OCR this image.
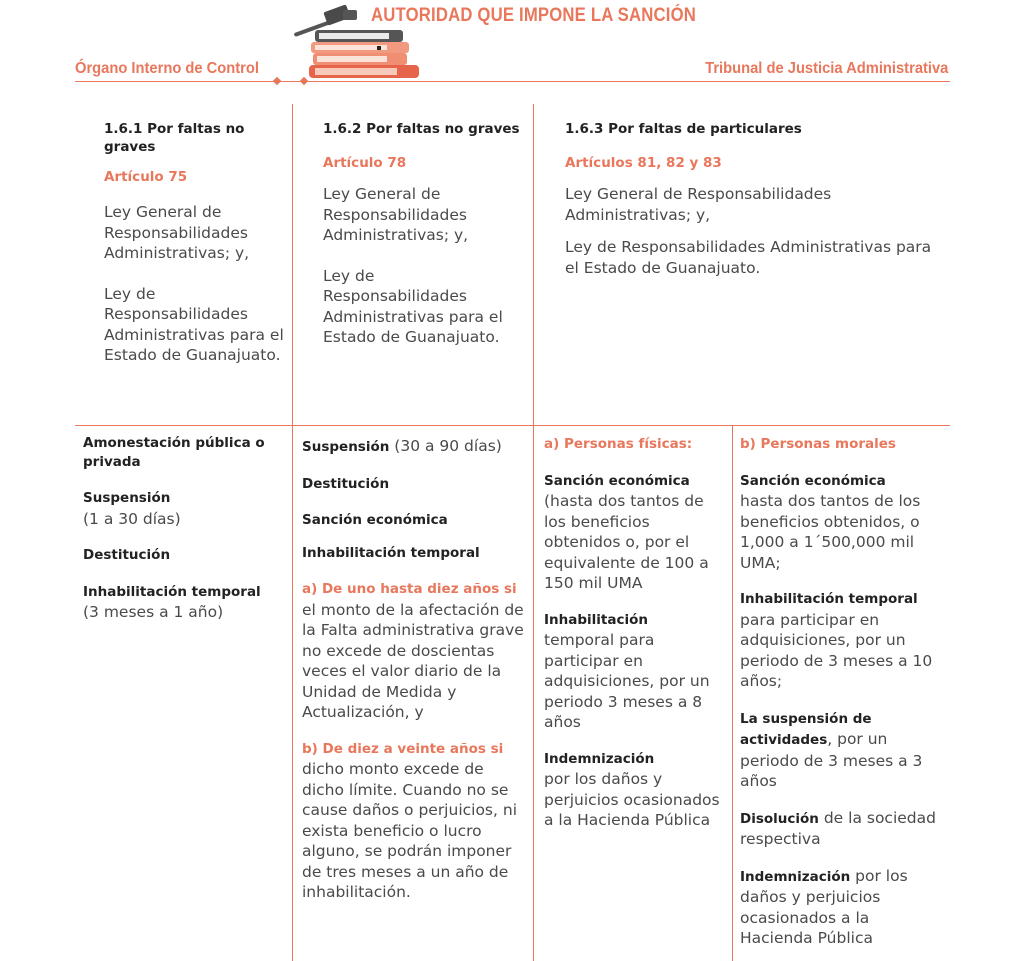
AUTORIDAD QUE IMPONE LA SANCIÓN
Órgano Interno de Control	Tribunal de Justicia Administrativa
1.6.1 Por faltas no graves
Artículo 75
Ley General de Responsabilidades Administrativas; y,
Ley de Responsabilidades Administrativas para el Estado de Guanajuato.
1.6.2 Por faltas no graves
Artículo 78
Ley General de Responsabilidades Administrativas; y,
Ley de Responsabilidades Administrativas para el Estado de Guanajuato.
1.6.3 Por faltas de particulares
Artículos 81, 82 y 83
Ley General de Responsabilidades Administrativas; y,
Ley de Responsabilidades Administrativas para el Estado de Guanajuato.
Amonestación pública o privada
Suspensión
(1 a 30 días)
Destitución
Inhabilitación temporal
(3 meses a 1 año)
Suspensión (30 a 90 días)
Destitución
Sanción económica
Inhabilitación temporal
a) De uno hasta diez años si
el monto de la afectación de la Falta administrativa grave no excede de doscientas veces el valor diario de la Unidad de Medida y Actualización, y
b) De diez a veinte años si
dicho monto excede de dicho límite. Cuando no se cause daños o perjuicios, ni exista beneficio o lucro alguno, se podrán imponer de tres meses a un año de inhabilitación.
a) Personas físicas:
Sanción económica
(hasta dos tantos de los beneficios obtenidos o, por el equivalente de 100 a 150 mil UMA
Inhabilitación
temporal para participar en adquisiciones, por un periodo 3 meses a 8 años
Indemnización
por los daños y perjuicios ocasionados a la Hacienda Pública
b) Personas morales
Sanción económica
hasta dos tantos de los beneficios obtenidos, o 1,000 a 1´500,000 mil UMA;
Inhabilitación temporal
para participar en adquisiciones, por un periodo de 3 meses a 10 años;
La suspensión de actividades, por un periodo de 3 meses a 3 años
Disolución de la sociedad respectiva
Indemnización por los daños y perjuicios ocasionados a la Hacienda Pública
